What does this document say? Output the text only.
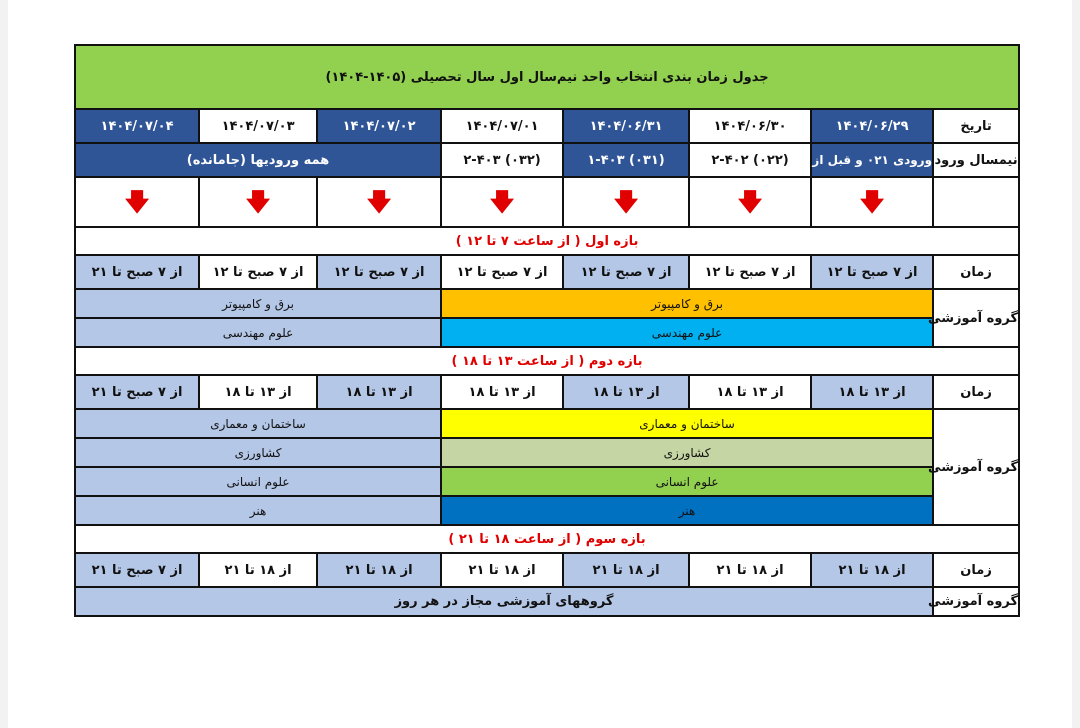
جدول زمان بندی انتخاب واحد نیم‌سال اول سال تحصیلی (۱۴۰۵-۱۴۰۴)							
تاریخ	۱۴۰۴/۰۶/۲۹	۱۴۰۴/۰۶/۳۰	۱۴۰۴/۰۶/۳۱	۱۴۰۴/۰۷/۰۱	۱۴۰۴/۰۷/۰۲	۱۴۰۴/۰۷/۰۳	۱۴۰۴/۰۷/۰۴
نیمسال ورود	ورودی ۰۲۱ و قبل از آن	(۰۲۲) ۲-۴۰۲	(۰۳۱) ۱-۴۰۳	(۰۳۲) ۲-۴۰۳	همه ورودیها (جامانده)		
	🡇	🡇	🡇	🡇	🡇	🡇	🡇
بازه اول ( از ساعت ۷ تا ۱۲ )							
زمان	از ۷ صبح تا ۱۲	از ۷ صبح تا ۱۲	از ۷ صبح تا ۱۲	از ۷ صبح تا ۱۲	از ۷ صبح تا ۱۲	از ۷ صبح تا ۱۲	از ۷ صبح تا ۲۱
گروه آموزشی	برق و کامپیوتر				برق و کامپیوتر		
	علوم مهندسی				علوم مهندسی		
بازه دوم ( از ساعت ۱۳ تا ۱۸ )							
زمان	از ۱۳ تا ۱۸	از ۱۳ تا ۱۸	از ۱۳ تا ۱۸	از ۱۳ تا ۱۸	از ۱۳ تا ۱۸	از ۱۳ تا ۱۸	از ۷ صبح تا ۲۱
گروه آموزشی	ساختمان و معماری				ساختمان و معماری		
	کشاورزی				کشاورزی		
	علوم انسانی				علوم انسانی		
	هنر				هنر		
بازه سوم ( از ساعت ۱۸ تا ۲۱ )							
زمان	از ۱۸ تا ۲۱	از ۱۸ تا ۲۱	از ۱۸ تا ۲۱	از ۱۸ تا ۲۱	از ۱۸ تا ۲۱	از ۱۸ تا ۲۱	از ۷ صبح تا ۲۱
گروه آموزشی	گروههای آموزشی مجاز در هر روز						
